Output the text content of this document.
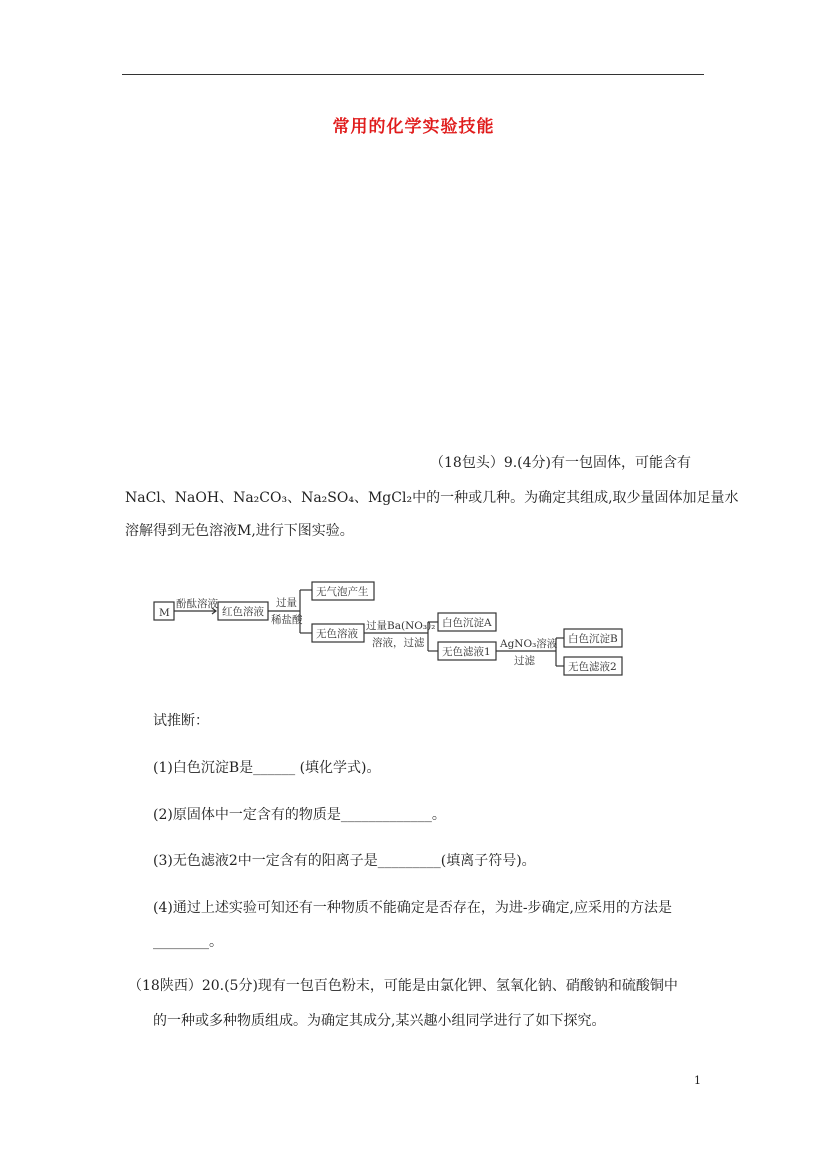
常用的化学实验技能
（18包头）9.(4分)有一包固体，可能含有
NaCl、NaOH、Na₂CO₃、Na₂SO₄、MgCl₂中的一种或几种。为确定其组成,取少量固体加足量水
溶解得到无色溶液M,进行下图实验。
M
酚酞溶液
红色溶液
过量
稀盐酸
无气泡产生
无色溶液
过量Ba(NO₃)₂
溶液，过滤
白色沉淀A
无色滤液1
AgNO₃溶液
过滤
白色沉淀B
无色滤液2
试推断：
(1)白色沉淀B是______ (填化学式)。
(2)原固体中一定含有的物质是_____________。
(3)无色滤液2中一定含有的阳离子是_________(填离子符号)。
(4)通过上述实验可知还有一种物质不能确定是否存在，为进-步确定,应采用的方法是
________。
（18陕西）20.(5分)现有一包百色粉末，可能是由氯化钾、氢氧化钠、硝酸钠和硫酸铜中
的一种或多种物质组成。为确定其成分,某兴趣小组同学进行了如下探究。
1
